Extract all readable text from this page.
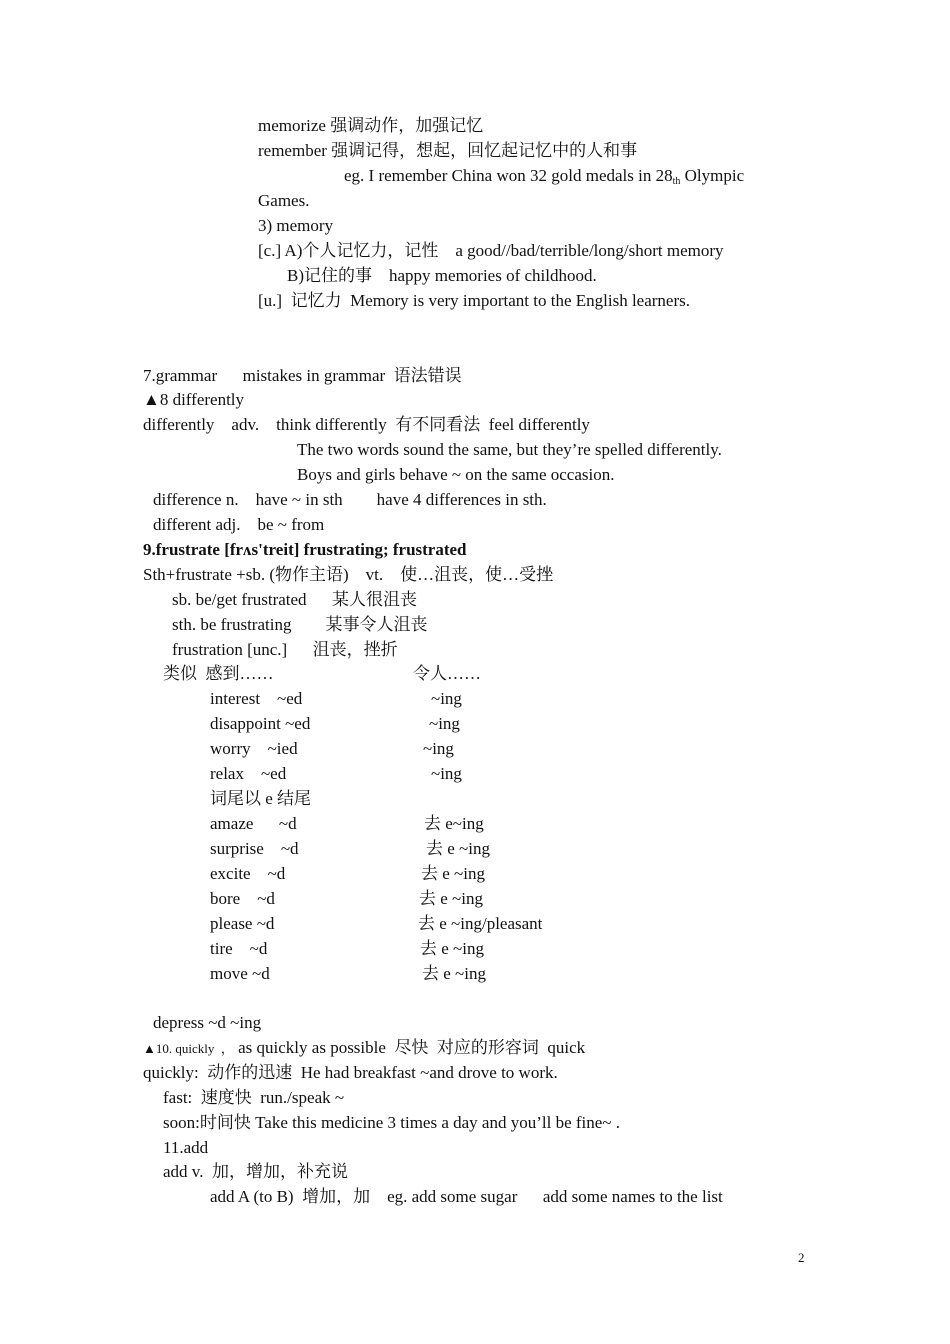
memorize 强调动作，加强记忆
remember 强调记得，想起，回忆起记忆中的人和事
eg. I remember China won 32 gold medals in 28th Olympic
Games.
3) memory
[c.] A)个人记忆力，记性    a good//bad/terrible/long/short memory
B)记住的事    happy memories of childhood.
[u.]  记忆力  Memory is very important to the English learners.
7.grammar      mistakes in grammar  语法错误
▲8 differently
differently    adv.    think differently  有不同看法  feel differently
The two words sound the same, but they’re spelled differently.
Boys and girls behave ~ on the same occasion.
difference n.    have ~ in sth        have 4 differences in sth.
different adj.    be ~ from
9.frustrate [frʌs'treit] frustrating; frustrated
Sth+frustrate +sb. (物作主语)    vt.    使…沮丧，使…受挫
sb. be/get frustrated      某人很沮丧
sth. be frustrating        某事令人沮丧
frustration [unc.]      沮丧，挫折
类似  感到……	令人……
interest    ~ed	~ing
disappoint ~ed	~ing
worry    ~ied	~ing
relax    ~ed	~ing
词尾以 e 结尾
amaze      ~d	去 e~ing
surprise    ~d	去 e ~ing
excite    ~d	去 e ~ing
bore    ~d	去 e ~ing
please ~d	去 e ~ing/pleasant
tire    ~d	去 e ~ing
move ~d	去 e ~ing
depress ~d ~ing
▲10. quickly  ， as quickly as possible  尽快  对应的形容词  quick
quickly:  动作的迅速  He had breakfast ~and drove to work.
fast:  速度快  run./speak ~
soon:时间快 Take this medicine 3 times a day and you’ll be fine~ .
11.add
add v.  加，增加，补充说
add A (to B)  增加，加    eg. add some sugar      add some names to the list
2
